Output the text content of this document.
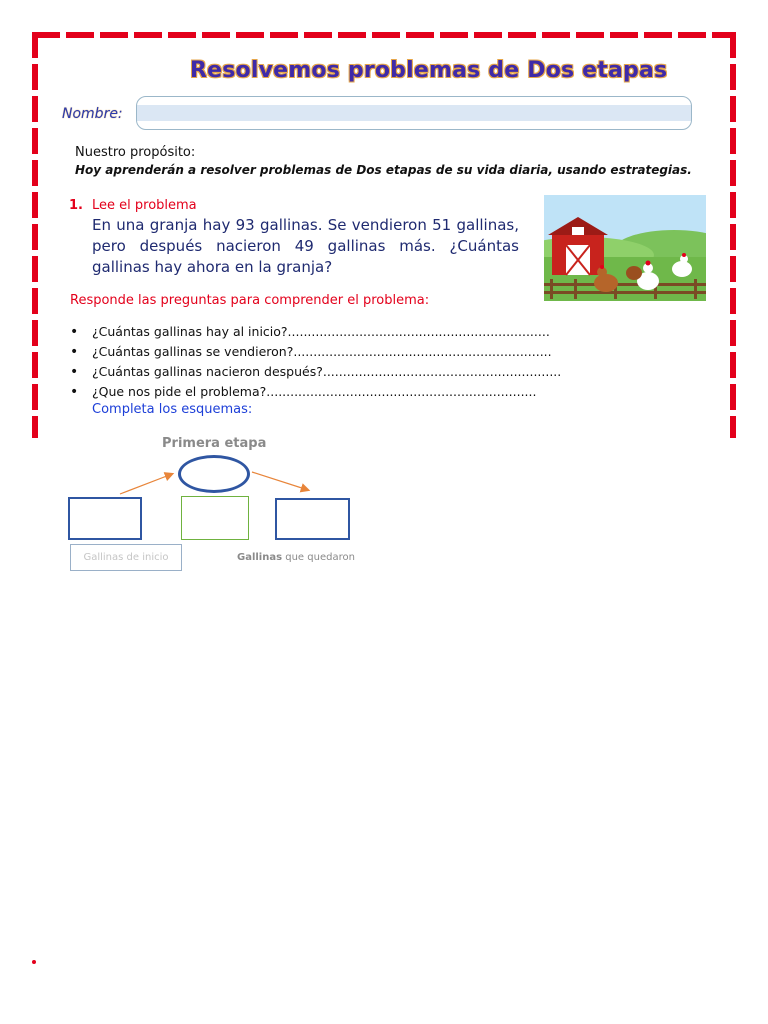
Resolvemos problemas de Dos etapas
Nombre:
Nuestro propósito:
Hoy aprenderán a resolver problemas de Dos etapas de su vida diaria, usando estrategias.
1. Lee el problema
En una granja hay 93 gallinas. Se vendieron 51 gallinas, pero después nacieron 49 gallinas más. ¿Cuántas gallinas hay ahora en la granja?
Responde las preguntas para comprender el problema:
• ¿Cuántas gallinas hay al inicio?..................................................................
• ¿Cuántas gallinas se vendieron?.................................................................
• ¿Cuántas gallinas nacieron después?............................................................
• ¿Que nos pide el problema?....................................................................
Completa los esquemas:
Primera etapa
Gallinas de inicio	Gallinas que quedaron
